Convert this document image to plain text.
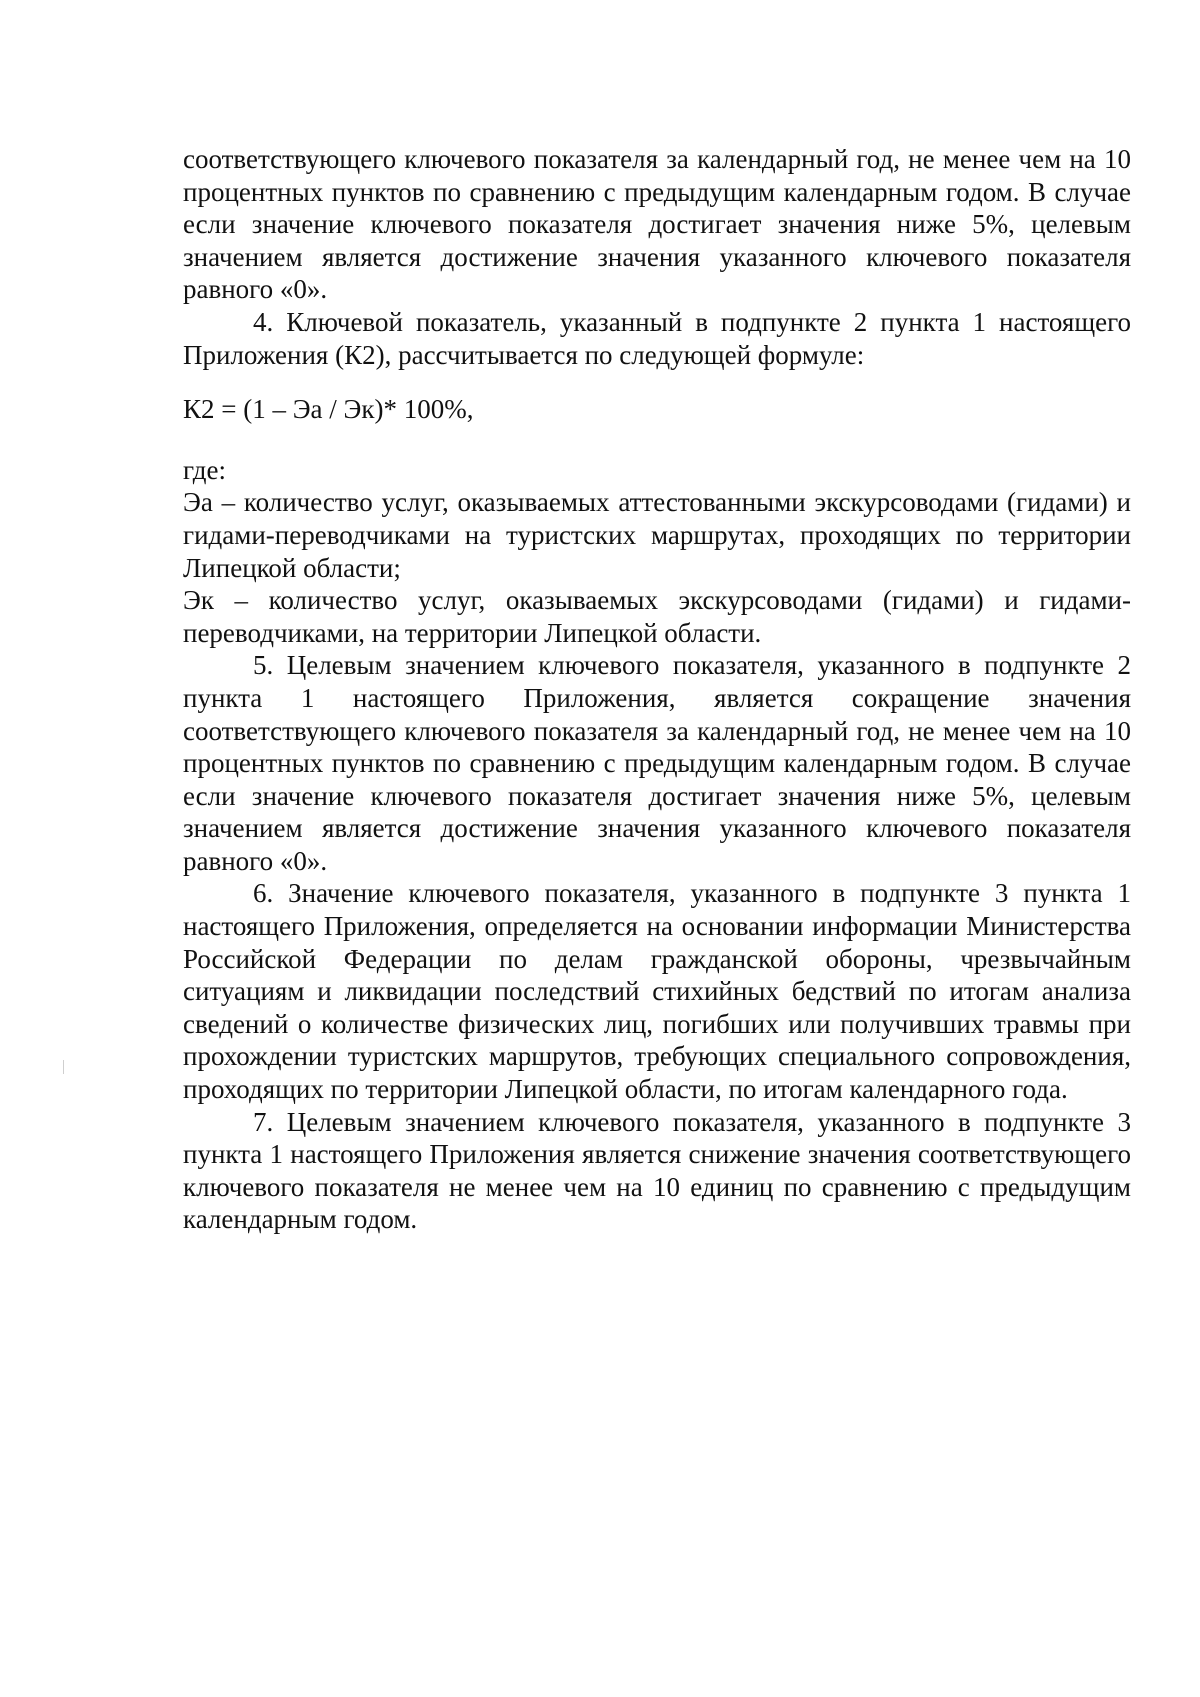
соответствующего ключевого показателя за календарный год, не менее чем на 10 процентных пунктов по сравнению с предыдущим календарным годом. В случае если значение ключевого показателя достигает значения ниже 5%, целевым значением является достижение значения указанного ключевого показателя равного «0».

4. Ключевой показатель, указанный в подпункте 2 пункта 1 настоящего Приложения (К2), рассчитывается по следующей формуле:

К2 = (1 – Эа / Эк)* 100%,

где:

Эа – количество услуг, оказываемых аттестованными экскурсоводами (гидами) и гидами-переводчиками на туристских маршрутах, проходящих по территории Липецкой области;

Эк – количество услуг, оказываемых экскурсоводами (гидами) и гидами-переводчиками, на территории Липецкой области.

5. Целевым значением ключевого показателя, указанного в подпункте 2 пункта 1 настоящего Приложения, является сокращение значения соответствующего ключевого показателя за календарный год, не менее чем на 10 процентных пунктов по сравнению с предыдущим календарным годом. В случае если значение ключевого показателя достигает значения ниже 5%, целевым значением является достижение значения указанного ключевого показателя равного «0».

6. Значение ключевого показателя, указанного в подпункте 3 пункта 1 настоящего Приложения, определяется на основании информации Министерства Российской Федерации по делам гражданской обороны, чрезвычайным ситуациям и ликвидации последствий стихийных бедствий по итогам анализа сведений о количестве физических лиц, погибших или получивших травмы при прохождении туристских маршрутов, требующих специального сопровождения, проходящих по территории Липецкой области, по итогам календарного года.

7. Целевым значением ключевого показателя, указанного в подпункте 3 пункта 1 настоящего Приложения является снижение значения соответствующего ключевого показателя не менее чем на 10 единиц по сравнению с предыдущим календарным годом.
